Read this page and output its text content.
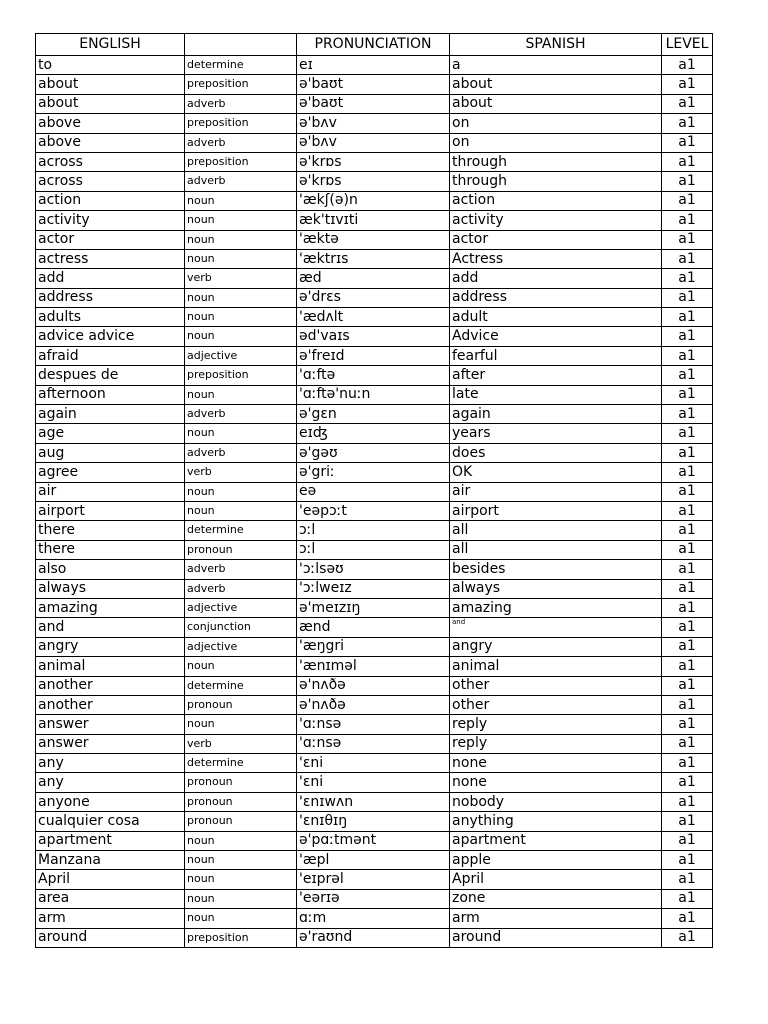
ENGLISH		PRONUNCIATION	SPANISH	LEVEL
to	determine	eɪ	a	a1
about	preposition	ə'baʊt	about	a1
about	adverb	ə'baʊt	about	a1
above	preposition	ə'bʌv	on	a1
above	adverb	ə'bʌv	on	a1
across	preposition	ə'krɒs	through	a1
across	adverb	ə'krɒs	through	a1
action	noun	'ækʃ(ə)n	action	a1
activity	noun	æk'tɪvɪti	activity	a1
actor	noun	'æktə	actor	a1
actress	noun	'æktrɪs	Actress	a1
add	verb	æd	add	a1
address	noun	ə'drɛs	address	a1
adults	noun	'ædʌlt	adult	a1
advice advice	noun	əd'vaɪs	Advice	a1
afraid	adjective	ə'freɪd	fearful	a1
despues de	preposition	'ɑːftə	after	a1
afternoon	noun	'ɑːftə'nuːn	late	a1
again	adverb	ə'gɛn	again	a1
age	noun	eɪʤ	years	a1
aug	adverb	ə'gəʊ	does	a1
agree	verb	ə'griː	OK	a1
air	noun	eə	air	a1
airport	noun	'eəpɔːt	airport	a1
there	determine	ɔːl	all	a1
there	pronoun	ɔːl	all	a1
also	adverb	'ɔːlsəʊ	besides	a1
always	adverb	'ɔːlweɪz	always	a1
amazing	adjective	ə'meɪzɪŋ	amazing	a1
and	conjunction	ænd	and	a1
angry	adjective	'æŋgri	angry	a1
animal	noun	'ænɪməl	animal	a1
another	determine	ə'nʌðə	other	a1
another	pronoun	ə'nʌðə	other	a1
answer	noun	'ɑːnsə	reply	a1
answer	verb	'ɑːnsə	reply	a1
any	determine	'ɛni	none	a1
any	pronoun	'ɛni	none	a1
anyone	pronoun	'ɛnɪwʌn	nobody	a1
cualquier cosa	pronoun	'ɛnɪθɪŋ	anything	a1
apartment	noun	ə'pɑːtmənt	apartment	a1
Manzana	noun	'æpl	apple	a1
April	noun	'eɪprəl	April	a1
area	noun	'eərɪə	zone	a1
arm	noun	ɑːm	arm	a1
around	preposition	ə'raʊnd	around	a1
